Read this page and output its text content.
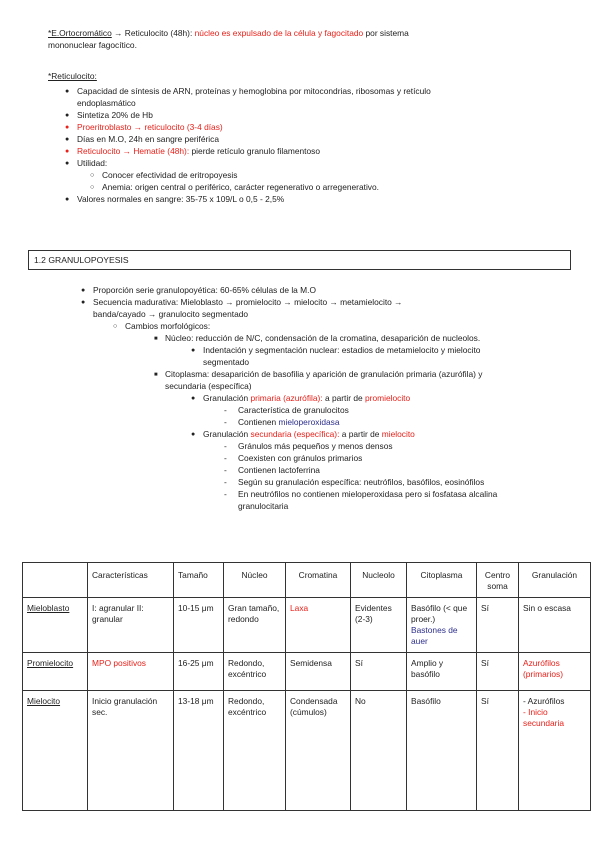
*E.Ortocromático → Reticulocito (48h): núcleo es expulsado de la célula y fagocitado por sistema
mononuclear fagocítico.
*Reticulocito:
● Capacidad de síntesis de ARN, proteínas y hemoglobina por mitocondrias, ribosomas y retículo
endoplasmático
● Sintetiza 20% de Hb
● Proeritroblasto → reticulocito (3-4 días)
● Días en M.O, 24h en sangre periférica
● Reticulocito → Hematíe (48h): pierde retículo granulo filamentoso
● Utilidad:
○ Conocer efectividad de eritropoyesis
○ Anemia: origen central o periférico, carácter regenerativo o arregenerativo.
● Valores normales en sangre: 35-75 x 109/L o 0,5 - 2,5%
1.2 GRANULOPOYESIS
● Proporción serie granulopoyética: 60-65% células de la M.O
● Secuencia madurativa: Mieloblasto → promielocito → mielocito → metamielocito →
banda/cayado → granulocito segmentado
○ Cambios morfológicos:
■ Núcleo: reducción de N/C, condensación de la cromatina, desaparición de nucleolos.
● Indentación y segmentación nuclear: estadios de metamielocito y mielocito
segmentado
■ Citoplasma: desaparición de basofilia y aparición de granulación primaria (azurófila) y
secundaria (específica)
● Granulación primaria (azurófila): a partir de promielocito
- Característica de granulocitos
- Contienen mieloperoxidasa
● Granulación secundaria (específica): a partir de mielocito
- Gránulos más pequeños y menos densos
- Coexisten con gránulos primarios
- Contienen lactoferrina
- Según su granulación específica: neutrófilos, basófilos, eosinófilos
- En neutrófilos no contienen mieloperoxidasa pero si fosfatasa alcalina
granulocitaria
	Características	Tamaño	Núcleo	Cromatina	Nucleolo	Citoplasma	Centro soma	Granulación
Mieloblasto	I: agranular II: granular	10-15 μm	Gran tamaño, redondo	Laxa	Evidentes (2-3)	Basófilo (< que proer.)
Bastones de auer	Sí	Sin o escasa
Promielocito	MPO positivos	16-25 μm	Redondo, excéntrico	Semidensa	Sí	Amplio y basófilo	Sí	Azurófilos (primarios)
Mielocito	Inicio granulación sec.	13-18 μm	Redondo, excéntrico	Condensada (cúmulos)	No	Basófilo	Sí	- Azurófilos
- Inicio secundaria
